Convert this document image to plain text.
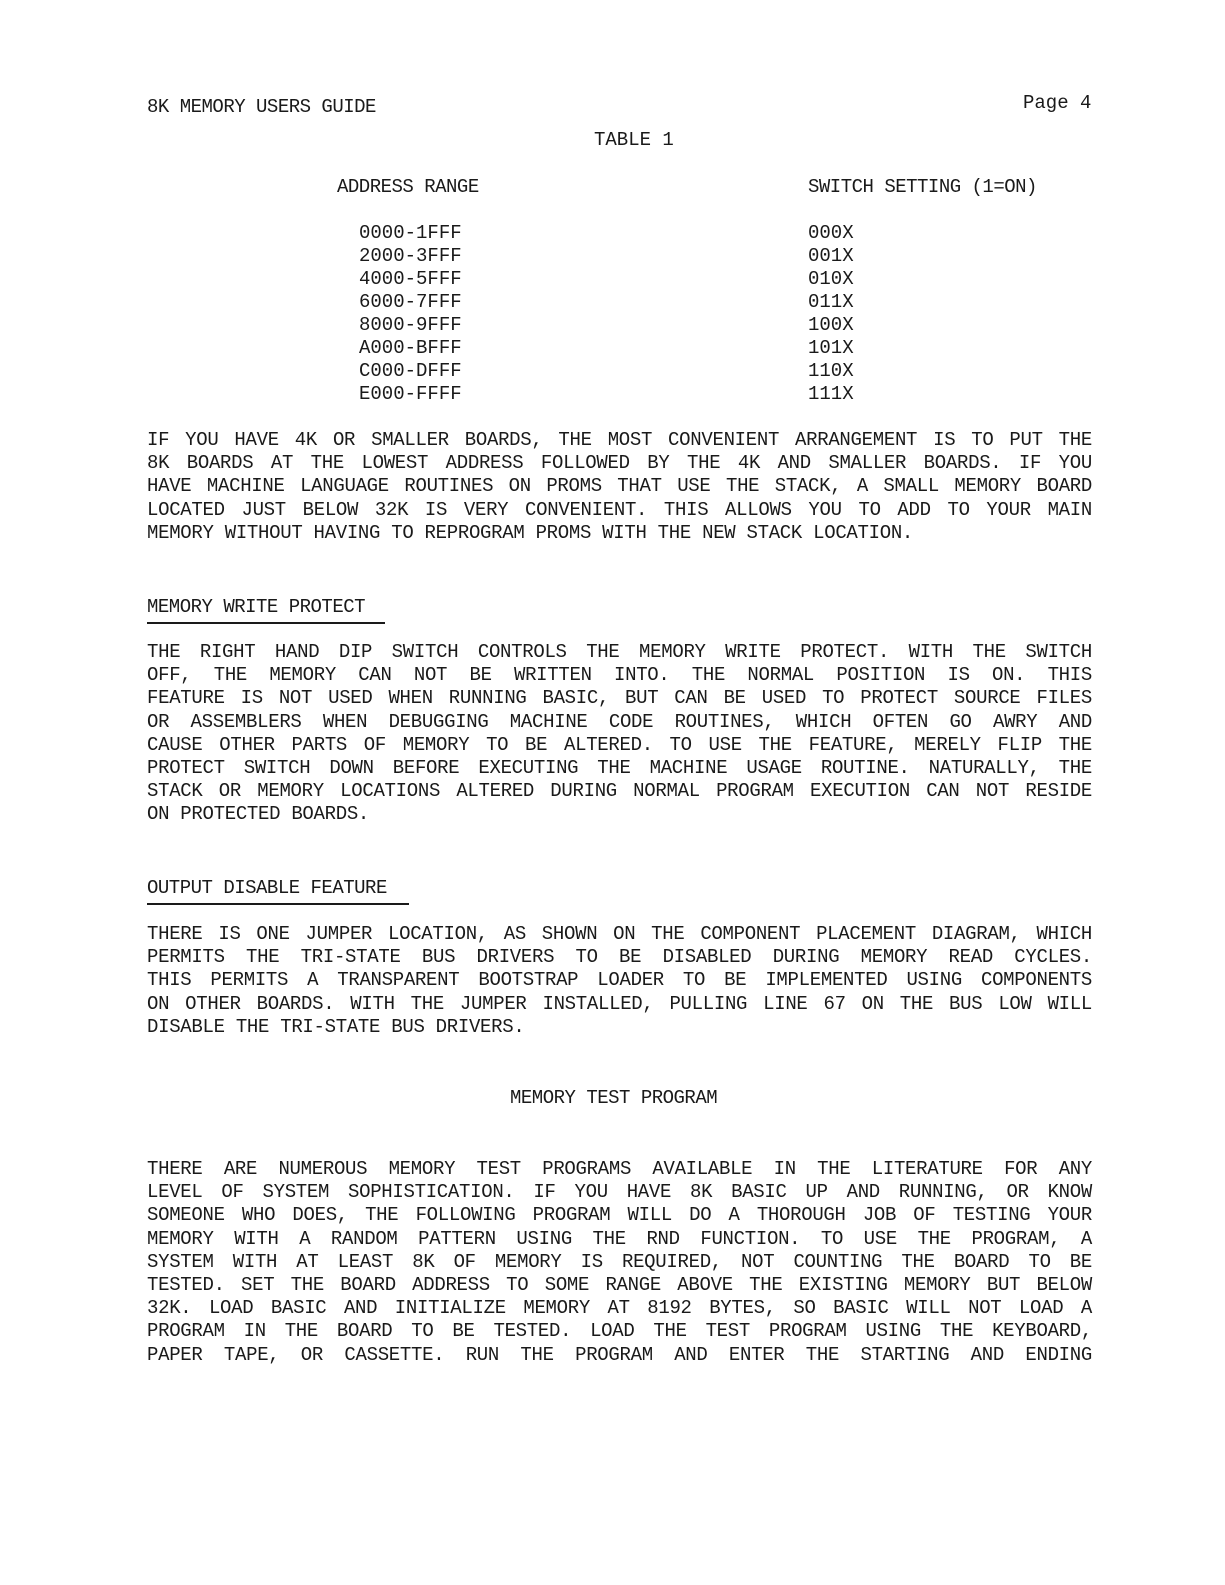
8K MEMORY USERS GUIDE	Page 4
TABLE 1
ADDRESS RANGE	SWITCH SETTING (1=ON)
0000-1FFF
2000-3FFF
4000-5FFF
6000-7FFF
8000-9FFF
A000-BFFF
C000-DFFF
E000-FFFF
000X
001X
010X
011X
100X
101X
110X
111X
IF YOU HAVE 4K OR SMALLER BOARDS, THE MOST CONVENIENT ARRANGEMENT IS TO PUT THE
8K BOARDS AT THE LOWEST ADDRESS FOLLOWED BY THE 4K AND SMALLER BOARDS. IF YOU
HAVE MACHINE LANGUAGE ROUTINES ON PROMS THAT USE THE STACK, A SMALL MEMORY BOARD
LOCATED JUST BELOW 32K IS VERY CONVENIENT. THIS ALLOWS YOU TO ADD TO YOUR MAIN
MEMORY WITHOUT HAVING TO REPROGRAM PROMS WITH THE NEW STACK LOCATION.
MEMORY WRITE PROTECT
THE RIGHT HAND DIP SWITCH CONTROLS THE MEMORY WRITE PROTECT. WITH THE SWITCH
OFF, THE MEMORY CAN NOT BE WRITTEN INTO. THE NORMAL POSITION IS ON. THIS
FEATURE IS NOT USED WHEN RUNNING BASIC, BUT CAN BE USED TO PROTECT SOURCE FILES
OR ASSEMBLERS WHEN DEBUGGING MACHINE CODE ROUTINES, WHICH OFTEN GO AWRY AND
CAUSE OTHER PARTS OF MEMORY TO BE ALTERED. TO USE THE FEATURE, MERELY FLIP THE
PROTECT SWITCH DOWN BEFORE EXECUTING THE MACHINE USAGE ROUTINE. NATURALLY, THE
STACK OR MEMORY LOCATIONS ALTERED DURING NORMAL PROGRAM EXECUTION CAN NOT RESIDE
ON PROTECTED BOARDS.
OUTPUT DISABLE FEATURE
THERE IS ONE JUMPER LOCATION, AS SHOWN ON THE COMPONENT PLACEMENT DIAGRAM, WHICH
PERMITS THE TRI-STATE BUS DRIVERS TO BE DISABLED DURING MEMORY READ CYCLES.
THIS PERMITS A TRANSPARENT BOOTSTRAP LOADER TO BE IMPLEMENTED USING COMPONENTS
ON OTHER BOARDS. WITH THE JUMPER INSTALLED, PULLING LINE 67 ON THE BUS LOW WILL
DISABLE THE TRI-STATE BUS DRIVERS.
MEMORY TEST PROGRAM
THERE ARE NUMEROUS MEMORY TEST PROGRAMS AVAILABLE IN THE LITERATURE FOR ANY
LEVEL OF SYSTEM SOPHISTICATION. IF YOU HAVE 8K BASIC UP AND RUNNING, OR KNOW
SOMEONE WHO DOES, THE FOLLOWING PROGRAM WILL DO A THOROUGH JOB OF TESTING YOUR
MEMORY WITH A RANDOM PATTERN USING THE RND FUNCTION. TO USE THE PROGRAM, A
SYSTEM WITH AT LEAST 8K OF MEMORY IS REQUIRED, NOT COUNTING THE BOARD TO BE
TESTED. SET THE BOARD ADDRESS TO SOME RANGE ABOVE THE EXISTING MEMORY BUT BELOW
32K. LOAD BASIC AND INITIALIZE MEMORY AT 8192 BYTES, SO BASIC WILL NOT LOAD A
PROGRAM IN THE BOARD TO BE TESTED. LOAD THE TEST PROGRAM USING THE KEYBOARD,
PAPER TAPE, OR CASSETTE. RUN THE PROGRAM AND ENTER THE STARTING AND ENDING
